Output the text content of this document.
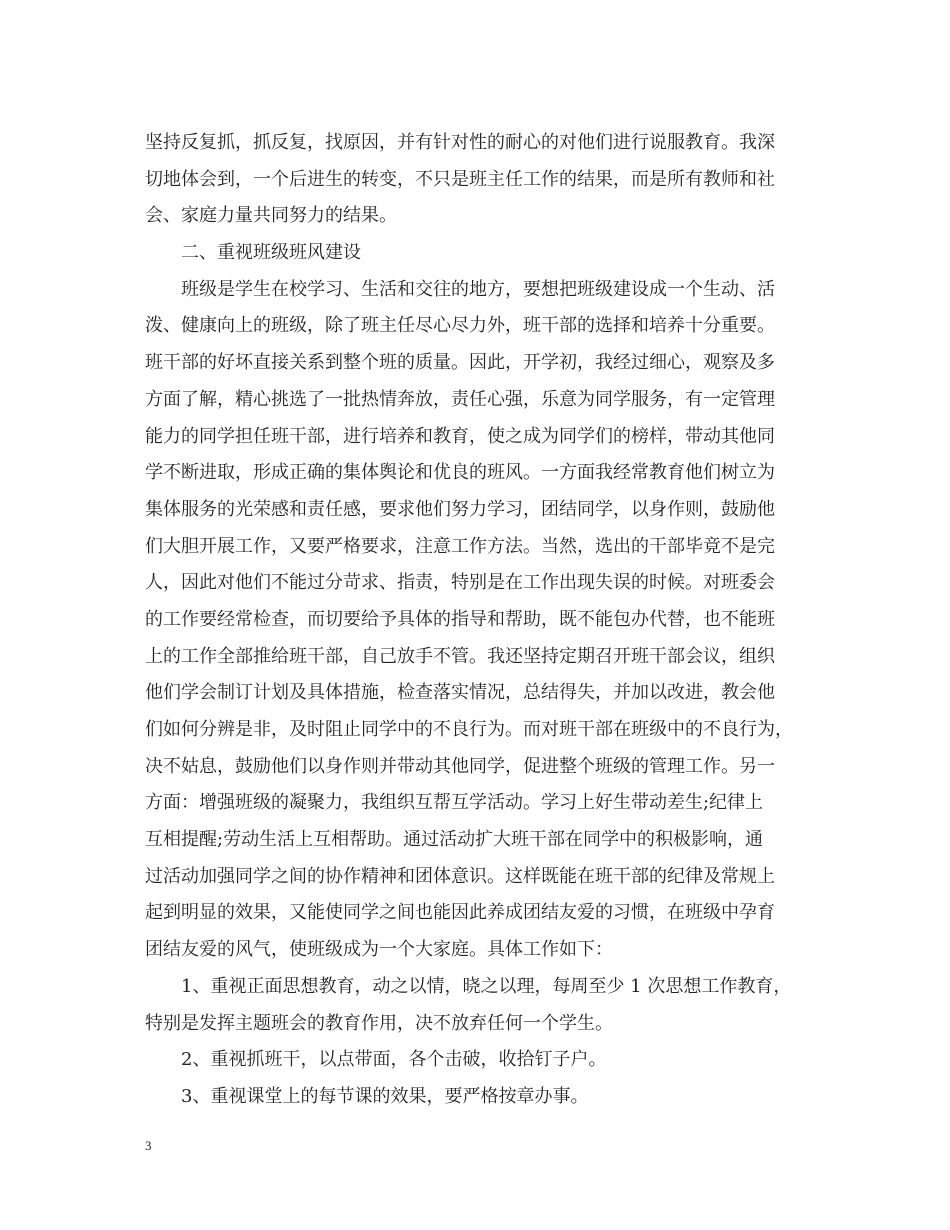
坚持反复抓，抓反复，找原因，并有针对性的耐心的对他们进行说服教育。我深
切地体会到，一个后进生的转变，不只是班主任工作的结果，而是所有教师和社
会、家庭力量共同努力的结果。
二、重视班级班风建设
班级是学生在校学习、生活和交往的地方，要想把班级建设成一个生动、活
泼、健康向上的班级，除了班主任尽心尽力外，班干部的选择和培养十分重要。
班干部的好坏直接关系到整个班的质量。因此，开学初，我经过细心，观察及多
方面了解，精心挑选了一批热情奔放，责任心强，乐意为同学服务，有一定管理
能力的同学担任班干部，进行培养和教育，使之成为同学们的榜样，带动其他同
学不断进取，形成正确的集体舆论和优良的班风。一方面我经常教育他们树立为
集体服务的光荣感和责任感，要求他们努力学习，团结同学，以身作则，鼓励他
们大胆开展工作，又要严格要求，注意工作方法。当然，选出的干部毕竟不是完
人，因此对他们不能过分苛求、指责，特别是在工作出现失误的时候。对班委会
的工作要经常检查，而切要给予具体的指导和帮助，既不能包办代替，也不能班
上的工作全部推给班干部，自己放手不管。我还坚持定期召开班干部会议，组织
他们学会制订计划及具体措施，检查落实情况，总结得失，并加以改进，教会他
们如何分辨是非，及时阻止同学中的不良行为。而对班干部在班级中的不良行为，
决不姑息，鼓励他们以身作则并带动其他同学，促进整个班级的管理工作。另一
方面：增强班级的凝聚力，我组织互帮互学活动。学习上好生带动差生;纪律上
互相提醒;劳动生活上互相帮助。通过活动扩大班干部在同学中的积极影响，通
过活动加强同学之间的协作精神和团体意识。这样既能在班干部的纪律及常规上
起到明显的效果，又能使同学之间也能因此养成团结友爱的习惯，在班级中孕育
团结友爱的风气，使班级成为一个大家庭。具体工作如下：
1、重视正面思想教育，动之以情，晓之以理，每周至少 1 次思想工作教育，
特别是发挥主题班会的教育作用，决不放弃任何一个学生。
2、重视抓班干，以点带面，各个击破，收拾钉子户。
3、重视课堂上的每节课的效果，要严格按章办事。
3
